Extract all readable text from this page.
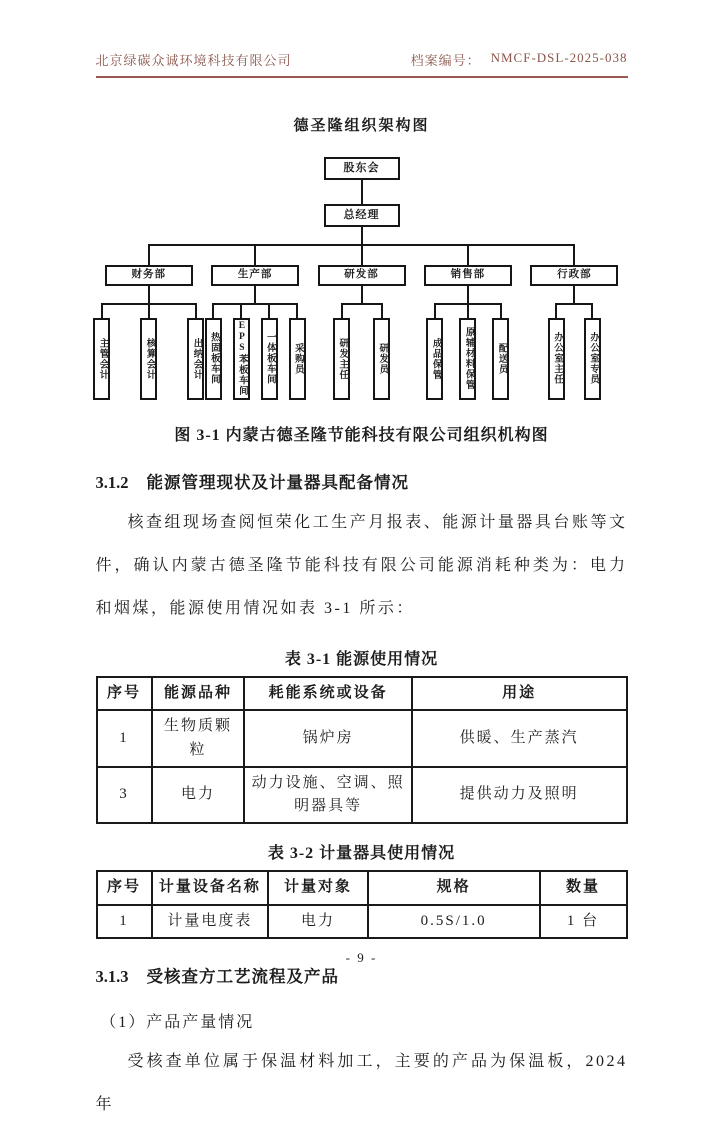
北京绿碳众诚环境科技有限公司	档案编号： NMCF-DSL-2025-038
德圣隆组织架构图
股东会
总经理
财务部
主管会计	核算会计	出纳会计
生产部
热固板车间	EPS苯板车间	一体板车间	采购员
研发部
研发主任	研发员
销售部
成品保管	原辅材料保管	配送员
行政部
办公室主任	办公室专员
图 3-1 内蒙古德圣隆节能科技有限公司组织机构图
3.1.2 能源管理现状及计量器具配备情况

核查组现场查阅恒荣化工生产月报表、能源计量器具台账等文件，确认内蒙古德圣隆节能科技有限公司能源消耗种类为：电力和烟煤，能源使用情况如表 3-1 所示：

表 3-1 能源使用情况
序号	能源品种	耗能系统或设备	用途
1	生物质颗粒	锅炉房	供暖、生产蒸汽
3	电力	动力设施、空调、照明器具等	提供动力及照明
表 3-2 计量器具使用情况
序号	计量设备名称	计量对象	规格	数量
1	计量电度表	电力	0.5S/1.0	1 台
3.1.3 受核查方工艺流程及产品
（1）产品产量情况

受核查单位属于保温材料加工，主要的产品为保温板，2024 年

- 9 -
